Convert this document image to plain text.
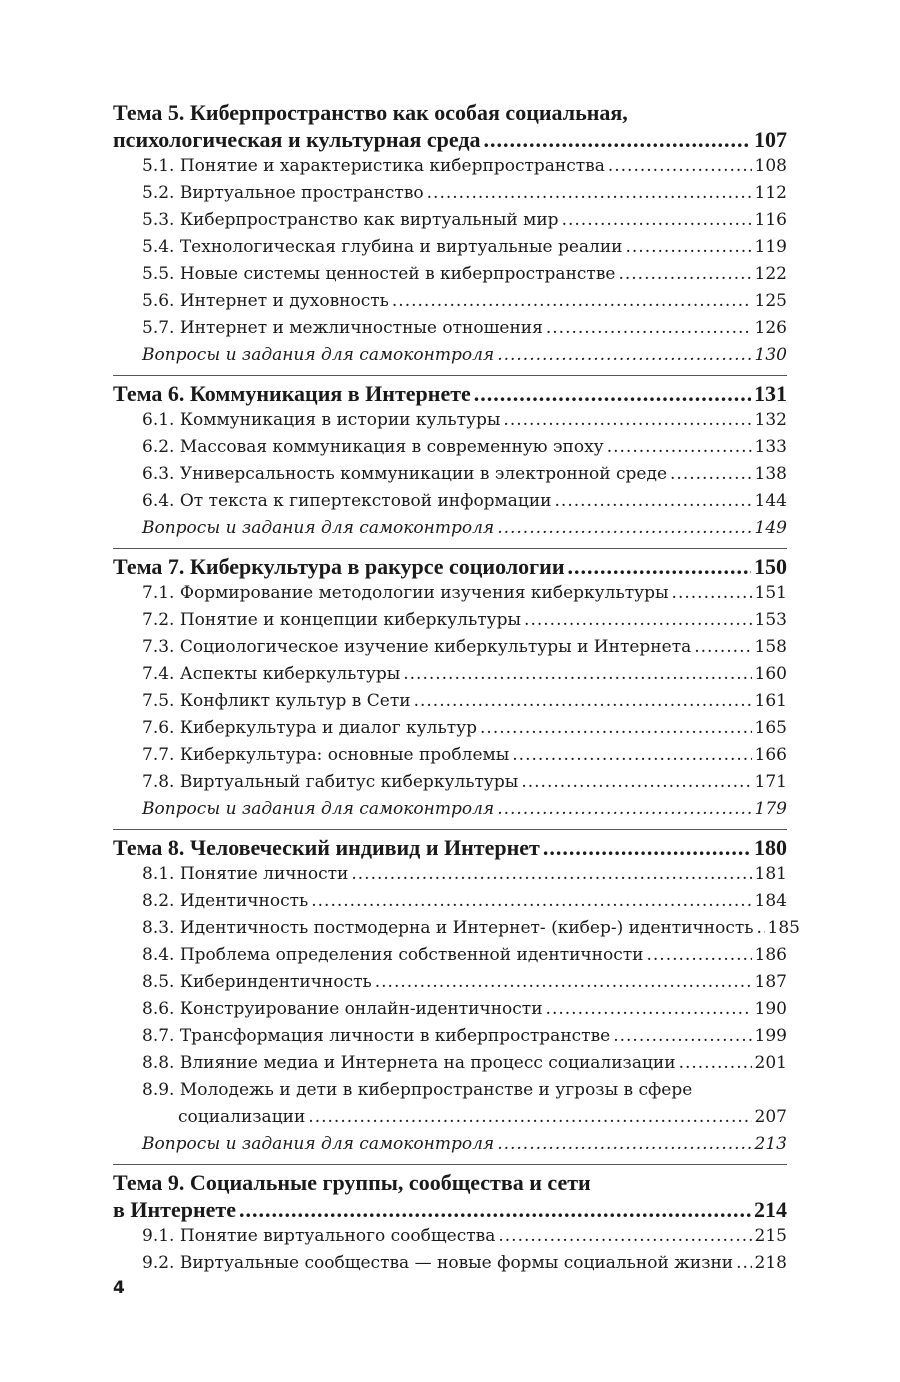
Тема 5. Киберпространство как особая социальная,
психологическая и культурная среда .....	107
5.1. Понятие и характеристика киберпространства .....	108
5.2. Виртуальное пространство .....	112
5.3. Киберпространство как виртуальный мир .....	116
5.4. Технологическая глубина и виртуальные реалии .....	119
5.5. Новые системы ценностей в киберпространстве .....	122
5.6. Интернет и духовность .....	125
5.7. Интернет и межличностные отношения .....	126
Вопросы и задания для самоконтроля .....	130
Тема 6. Коммуникация в Интернете .....	131
6.1. Коммуникация в истории культуры .....	132
6.2. Массовая коммуникация в современную эпоху .....	133
6.3. Универсальность коммуникации в электронной среде .....	138
6.4. От текста к гипертекстовой информации .....	144
Вопросы и задания для самоконтроля .....	149
Тема 7. Киберкультура в ракурсе социологии .....	150
7.1. Формирование методологии изучения киберкультуры .....	151
7.2. Понятие и концепции киберкультуры .....	153
7.3. Социологическое изучение киберкультуры и Интернета .....	158
7.4. Аспекты киберкультуры .....	160
7.5. Конфликт культур в Сети .....	161
7.6. Киберкультура и диалог культур .....	165
7.7. Киберкультура: основные проблемы .....	166
7.8. Виртуальный габитус киберкультуры .....	171
Вопросы и задания для самоконтроля .....	179
Тема 8. Человеческий индивид и Интернет .....	180
8.1. Понятие личности .....	181
8.2. Идентичность .....	184
8.3. Идентичность постмодерна и Интернет- (кибер-) идентичность ..... 185
8.4. Проблема определения собственной идентичности .....	186
8.5. Кибериндентичность .....	187
8.6. Конструирование онлайн-идентичности .....	190
8.7. Трансформация личности в киберпространстве .....	199
8.8. Влияние медиа и Интернета на процесс социализации .....	201
8.9. Молодежь и дети в киберпространстве и угрозы в сфере
социализации .....	207
Вопросы и задания для самоконтроля .....	213
Тема 9. Социальные группы, сообщества и сети
в Интернете .....	214
9.1. Понятие виртуального сообщества .....	215
9.2. Виртуальные сообщества — новые формы социальной жизни ..... 218
4
